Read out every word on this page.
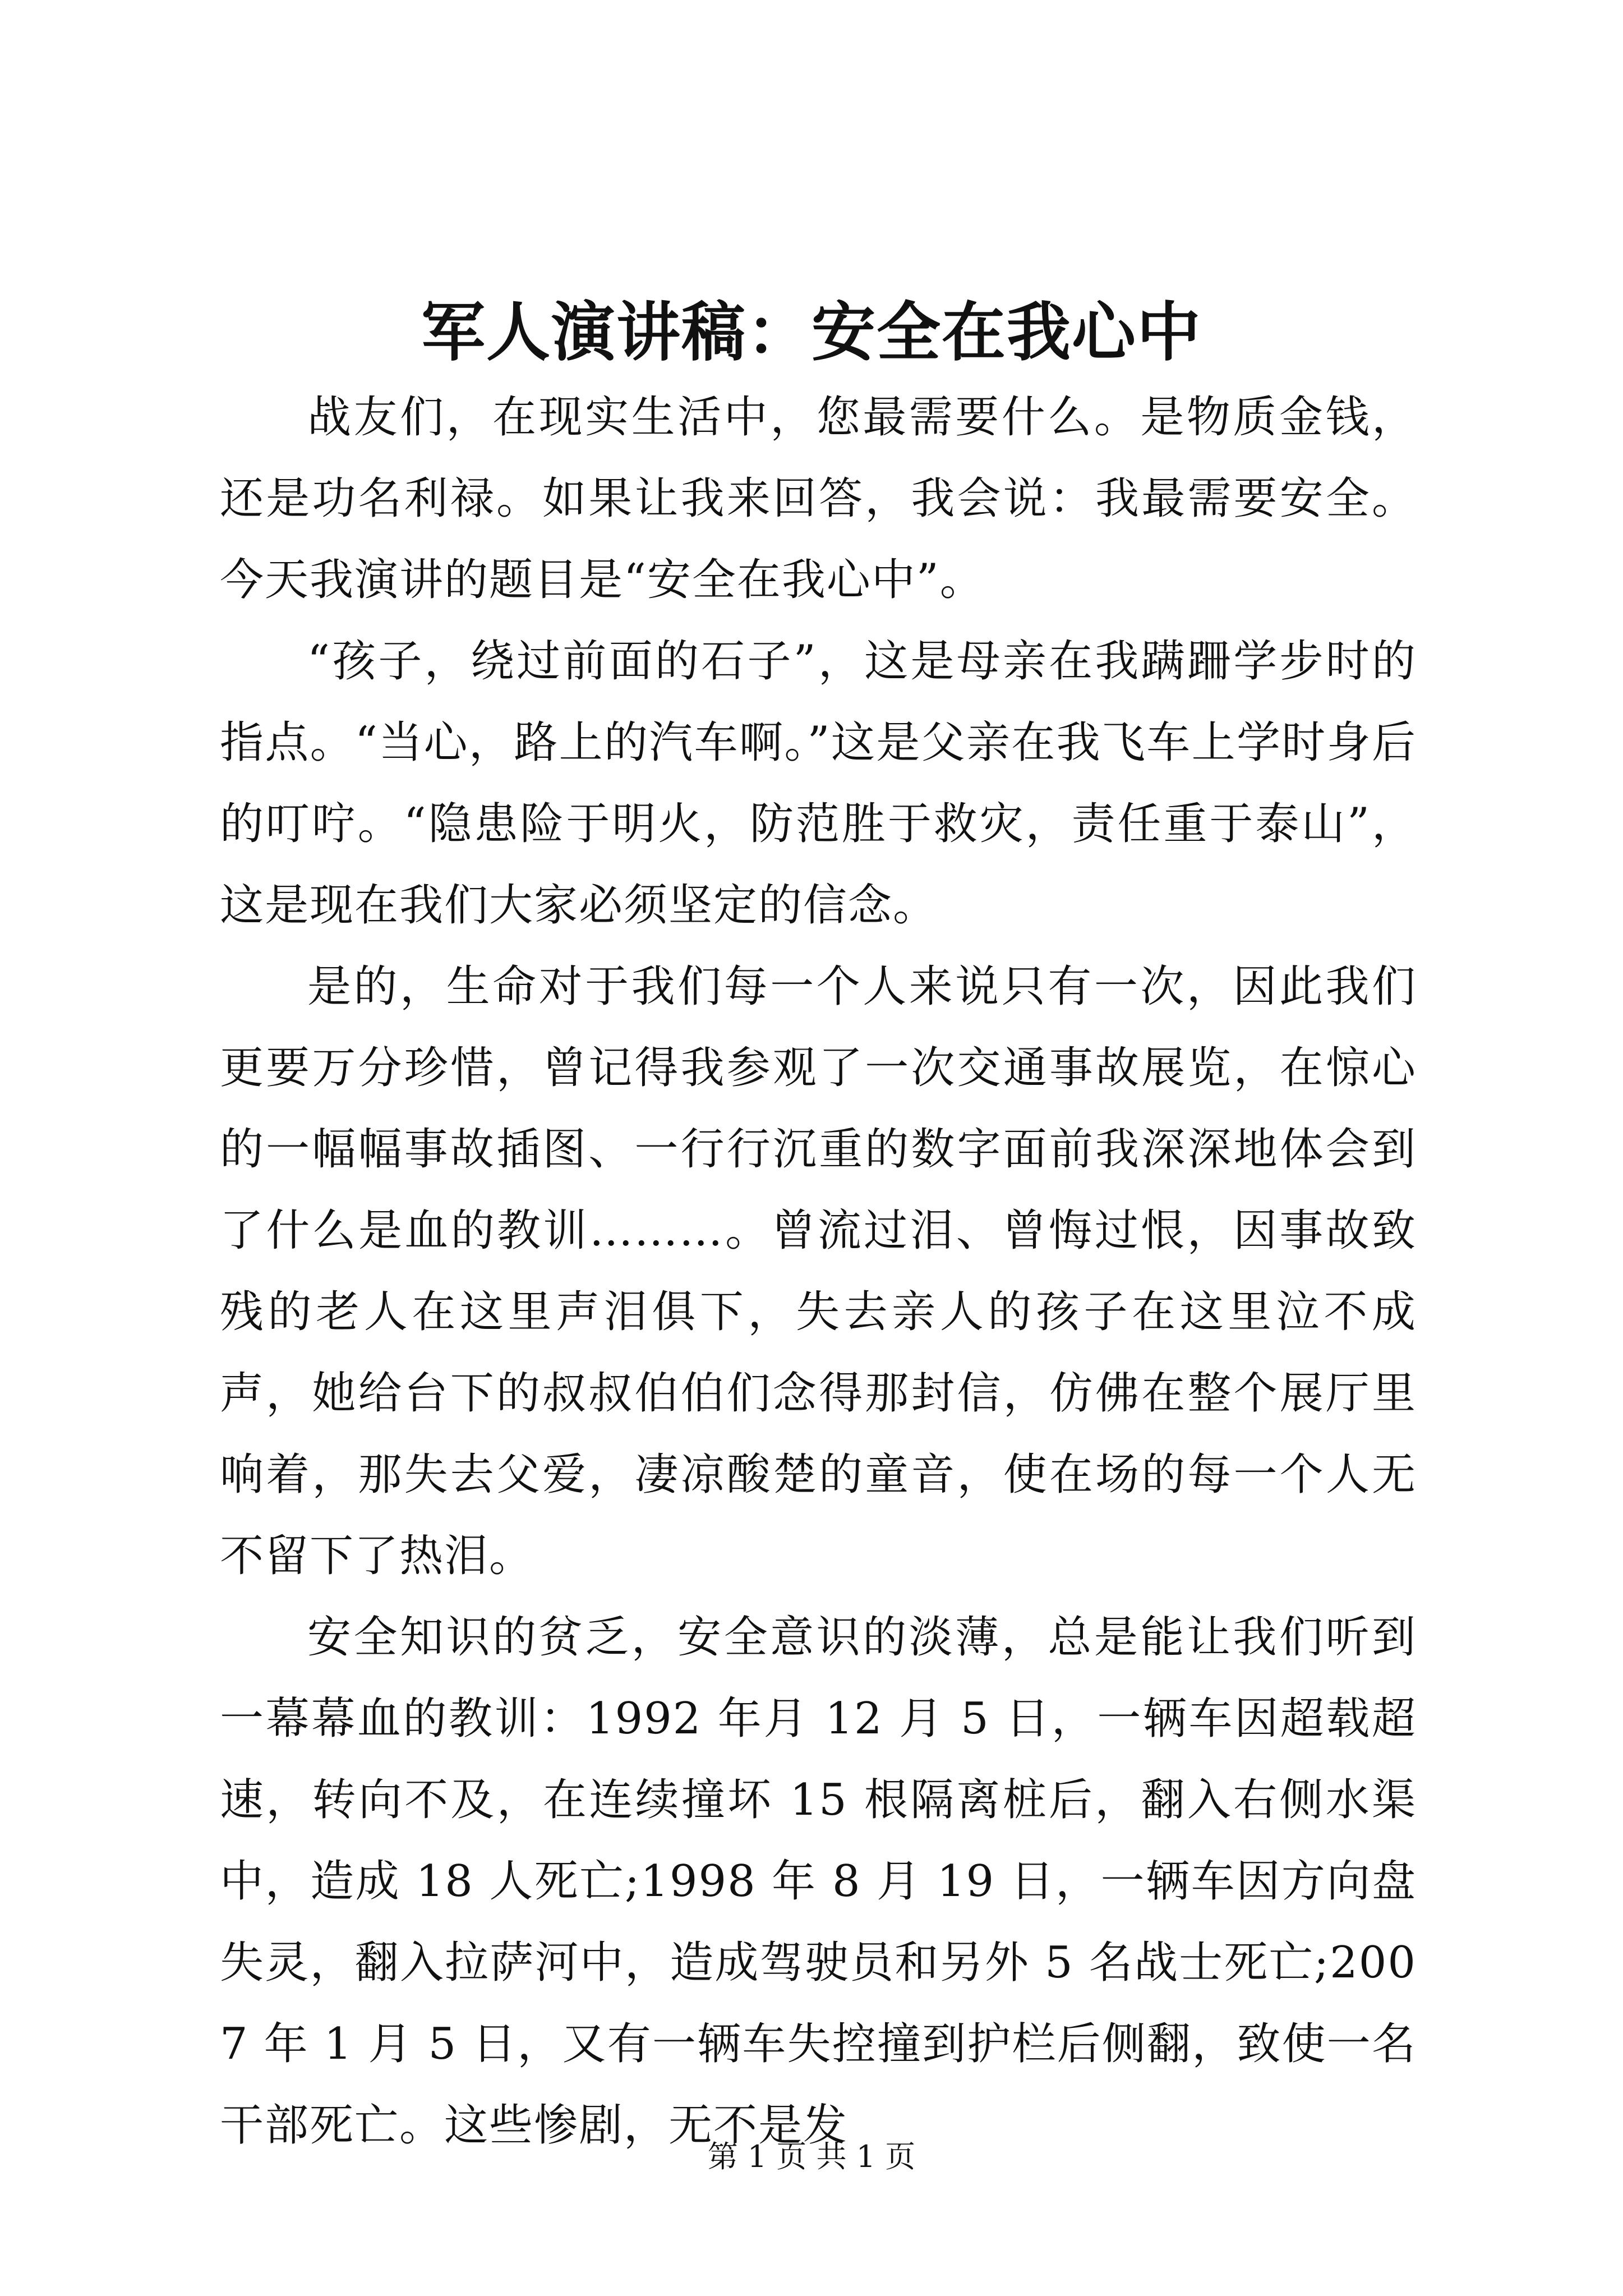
军人演讲稿：安全在我心中

战友们，在现实生活中，您最需要什么。是物质金钱，还是功名利禄。如果让我来回答，我会说：我最需要安全。今天我演讲的题目是“安全在我心中”。

“孩子，绕过前面的石子”，这是母亲在我蹒跚学步时的指点。“当心，路上的汽车啊。”这是父亲在我飞车上学时身后的叮咛。“隐患险于明火，防范胜于救灾，责任重于泰山”，这是现在我们大家必须坚定的信念。

是的，生命对于我们每一个人来说只有一次，因此我们更要万分珍惜，曾记得我参观了一次交通事故展览，在惊心的一幅幅事故插图、一行行沉重的数字面前我深深地体会到了什么是血的教训………。曾流过泪、曾悔过恨，因事故致残的老人在这里声泪俱下，失去亲人的孩子在这里泣不成声，她给台下的叔叔伯伯们念得那封信，仿佛在整个展厅里响着，那失去父爱，凄凉酸楚的童音，使在场的每一个人无不留下了热泪。

安全知识的贫乏，安全意识的淡薄，总是能让我们听到一幕幕血的教训：1992 年月 12 月 5 日，一辆车因超载超速，转向不及，在连续撞坏 15 根隔离桩后，翻入右侧水渠中，造成 18 人死亡;1998 年 8 月 19 日，一辆车因方向盘失灵，翻入拉萨河中，造成驾驶员和另外 5 名战士死亡;2007 年 1 月 5 日，又有一辆车失控撞到护栏后侧翻，致使一名干部死亡。这些惨剧，无不是发

第 1 页 共 1 页
